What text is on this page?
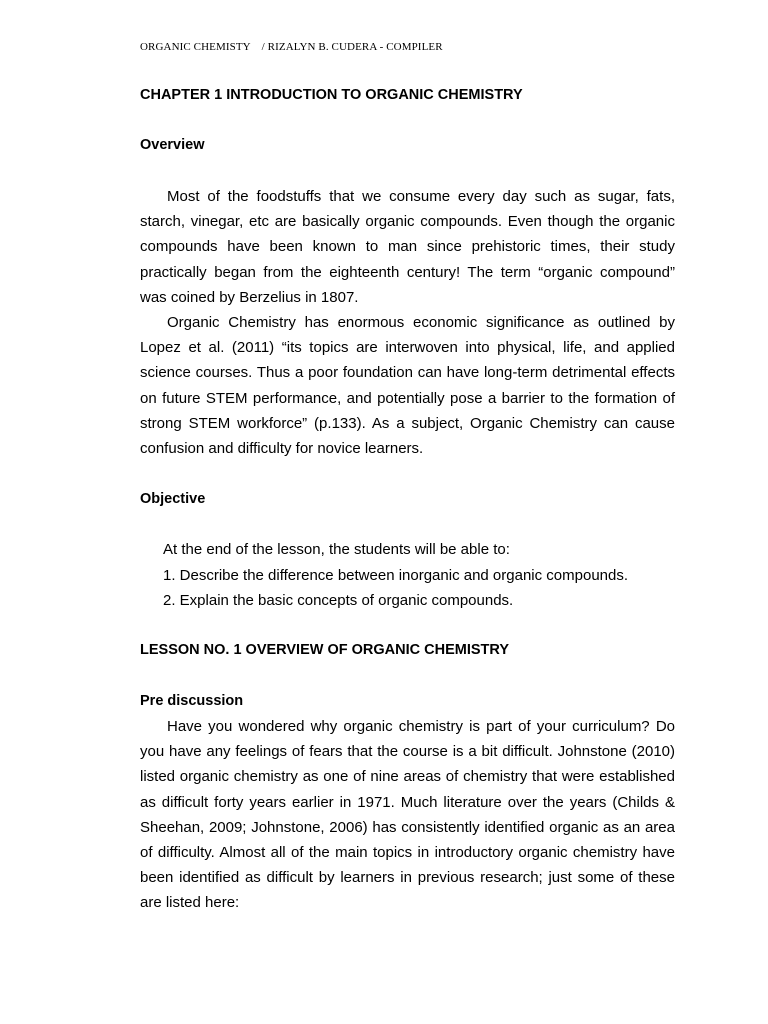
ORGANIC CHEMISTY    / RIZALYN B. CUDERA - COMPILER
CHAPTER 1 INTRODUCTION TO ORGANIC CHEMISTRY
Overview
Most of the foodstuffs that we consume every day such as sugar, fats, starch, vinegar, etc are basically organic compounds. Even though the organic compounds have been known to man since prehistoric times, their study practically began from the eighteenth century! The term “organic compound” was coined by Berzelius in 1807.
Organic Chemistry has enormous economic significance as outlined by Lopez et al. (2011) “its topics are interwoven into physical, life, and applied science courses. Thus a poor foundation can have long-term detrimental effects on future STEM performance, and potentially pose a barrier to the formation of strong STEM workforce” (p.133). As a subject, Organic Chemistry can cause confusion and difficulty for novice learners.
Objective
At the end of the lesson, the students will be able to:
1. Describe the difference between inorganic and organic compounds.
2. Explain the basic concepts of organic compounds.
LESSON NO. 1 OVERVIEW OF ORGANIC CHEMISTRY
Pre discussion
Have you wondered why organic chemistry is part of your curriculum? Do you have any feelings of fears that the course is a bit difficult. Johnstone (2010) listed organic chemistry as one of nine areas of chemistry that were established as difficult forty years earlier in 1971. Much literature over the years (Childs & Sheehan, 2009; Johnstone, 2006) has consistently identified organic as an area of difficulty. Almost all of the main topics in introductory organic chemistry have been identified as difficult by learners in previous research; just some of these are listed here:
